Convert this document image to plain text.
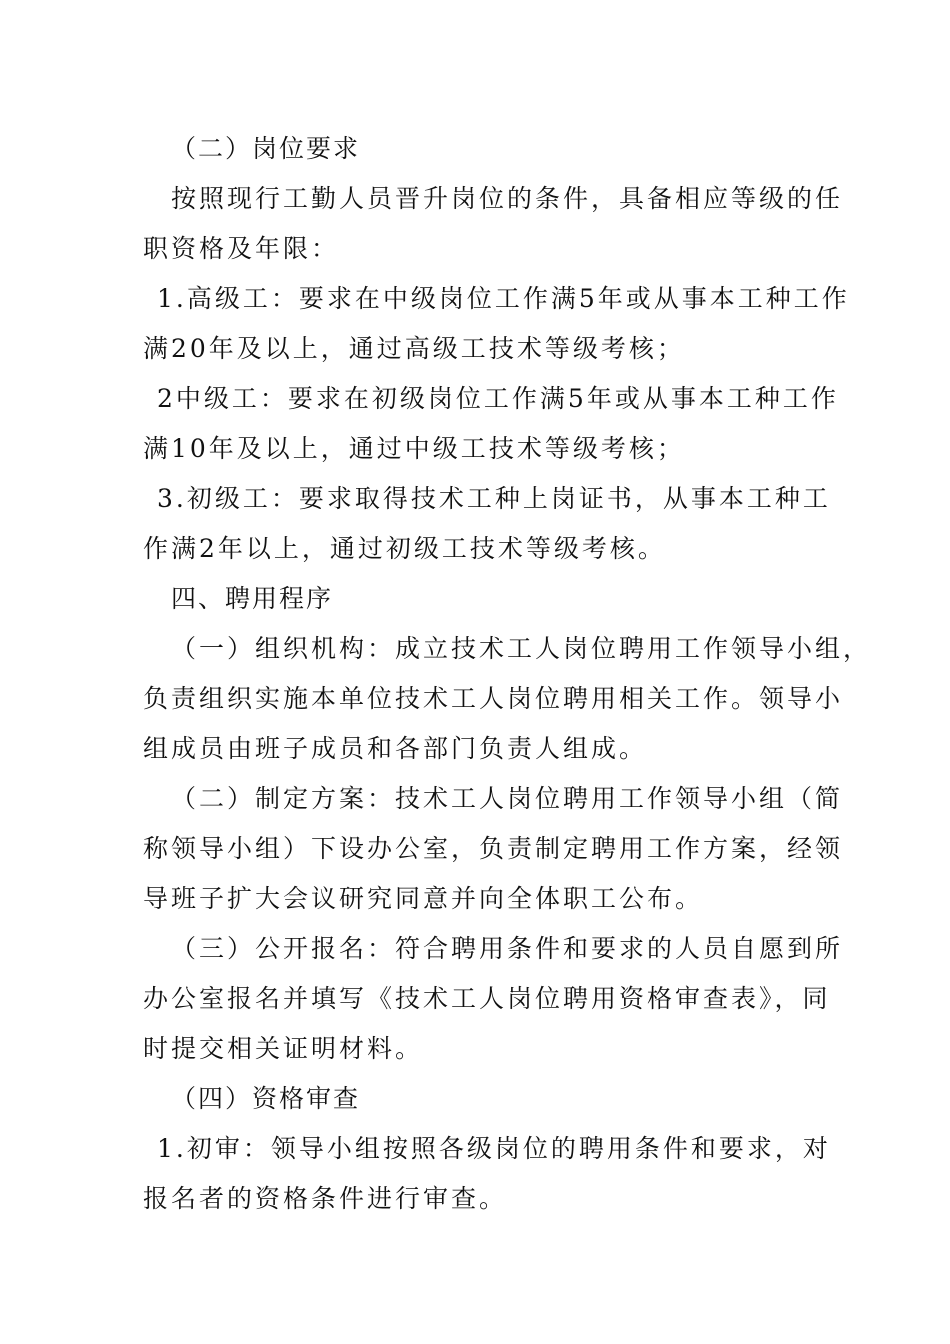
（二）岗位要求
按照现行工勤人员晋升岗位的条件，具备相应等级的任
职资格及年限：
1.高级工：要求在中级岗位工作满5年或从事本工种工作
满20年及以上，通过高级工技术等级考核；
2中级工：要求在初级岗位工作满5年或从事本工种工作
满10年及以上，通过中级工技术等级考核；
3.初级工：要求取得技术工种上岗证书，从事本工种工
作满2年以上，通过初级工技术等级考核。
四、聘用程序
（一）组织机构：成立技术工人岗位聘用工作领导小组，
负责组织实施本单位技术工人岗位聘用相关工作。领导小
组成员由班子成员和各部门负责人组成。
（二）制定方案：技术工人岗位聘用工作领导小组（简
称领导小组）下设办公室，负责制定聘用工作方案，经领
导班子扩大会议研究同意并向全体职工公布。
（三）公开报名：符合聘用条件和要求的人员自愿到所
办公室报名并填写《技术工人岗位聘用资格审查表》，同
时提交相关证明材料。
（四）资格审查
1.初审：领导小组按照各级岗位的聘用条件和要求，对
报名者的资格条件进行审查。
